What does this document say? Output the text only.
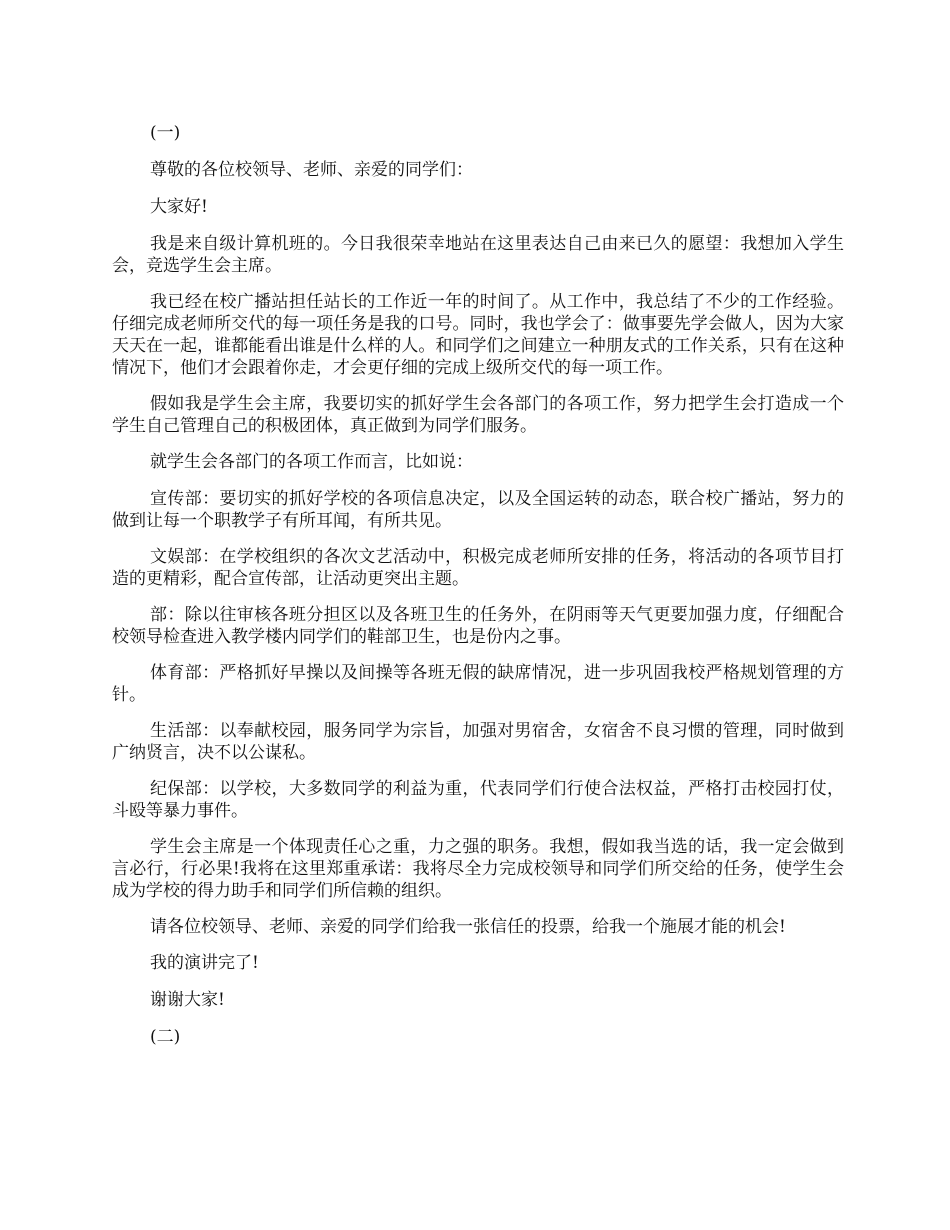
(一)

尊敬的各位校领导、老师、亲爱的同学们：

大家好!

我是来自级计算机班的。今日我很荣幸地站在这里表达自己由来已久的愿望：我想加入学生会，竞选学生会主席。

我已经在校广播站担任站长的工作近一年的时间了。从工作中，我总结了不少的工作经验。仔细完成老师所交代的每一项任务是我的口号。同时，我也学会了：做事要先学会做人，因为大家天天在一起，谁都能看出谁是什么样的人。和同学们之间建立一种朋友式的工作关系，只有在这种情况下，他们才会跟着你走，才会更仔细的完成上级所交代的每一项工作。

假如我是学生会主席，我要切实的抓好学生会各部门的各项工作，努力把学生会打造成一个学生自己管理自己的积极团体，真正做到为同学们服务。

就学生会各部门的各项工作而言，比如说：

宣传部：要切实的抓好学校的各项信息决定，以及全国运转的动态，联合校广播站，努力的做到让每一个职教学子有所耳闻，有所共见。

文娱部：在学校组织的各次文艺活动中，积极完成老师所安排的任务，将活动的各项节目打造的更精彩，配合宣传部，让活动更突出主题。

部：除以往审核各班分担区以及各班卫生的任务外，在阴雨等天气更要加强力度，仔细配合校领导检查进入教学楼内同学们的鞋部卫生，也是份内之事。

体育部：严格抓好早操以及间操等各班无假的缺席情况，进一步巩固我校严格规划管理的方针。

生活部：以奉献校园，服务同学为宗旨，加强对男宿舍，女宿舍不良习惯的管理，同时做到广纳贤言，决不以公谋私。

纪保部：以学校，大多数同学的利益为重，代表同学们行使合法权益，严格打击校园打仗，斗殴等暴力事件。

学生会主席是一个体现责任心之重，力之强的职务。我想，假如我当选的话，我一定会做到言必行，行必果!我将在这里郑重承诺：我将尽全力完成校领导和同学们所交给的任务，使学生会成为学校的得力助手和同学们所信赖的组织。

请各位校领导、老师、亲爱的同学们给我一张信任的投票，给我一个施展才能的机会!

我的演讲完了!

谢谢大家!

(二)
